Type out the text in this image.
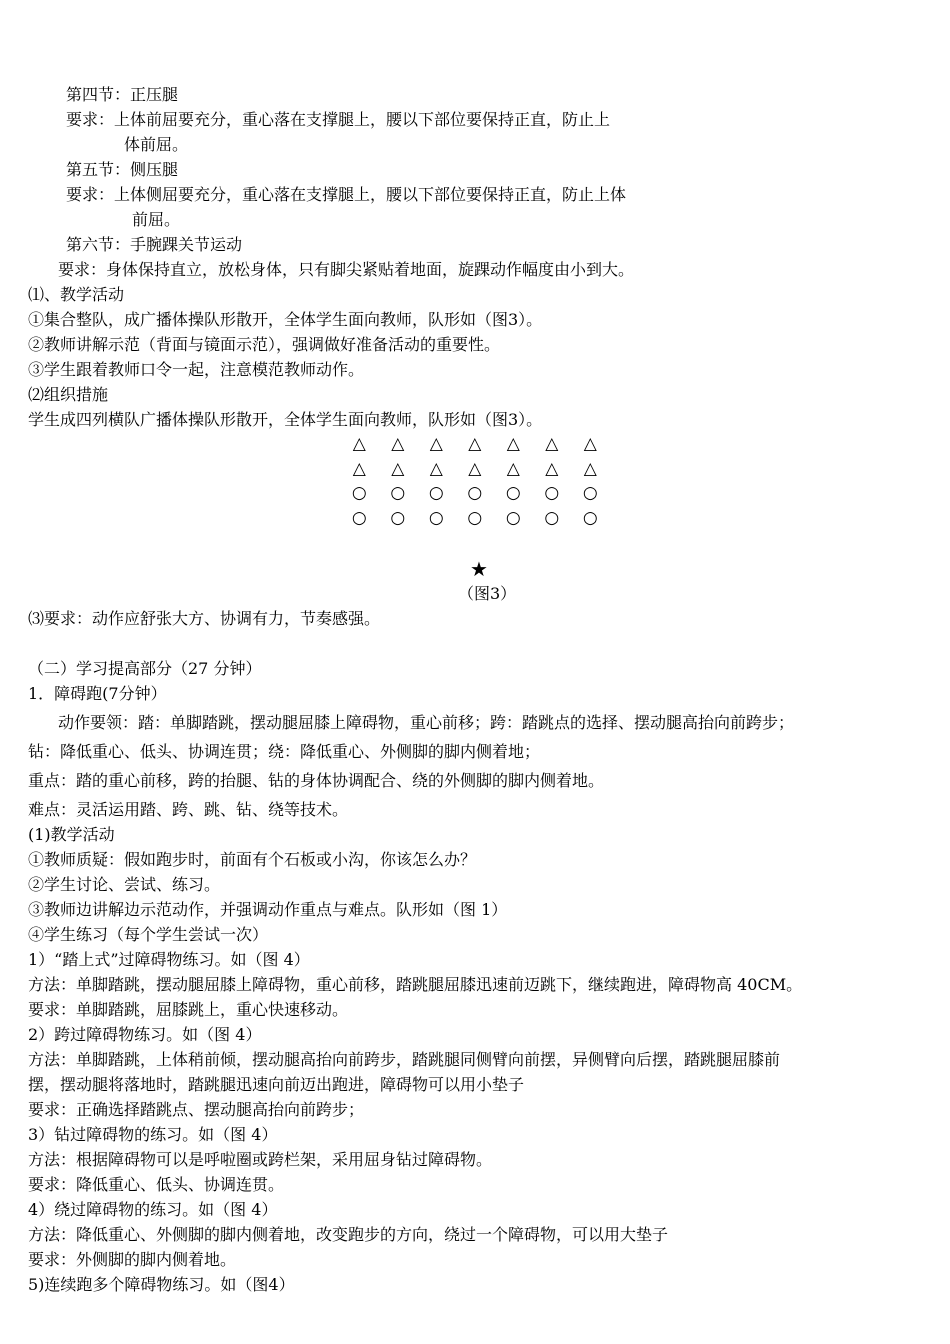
第四节：正压腿
要求：上体前屈要充分，重心落在支撑腿上，腰以下部位要保持正直，防止上
体前屈。
第五节：侧压腿
要求：上体侧屈要充分，重心落在支撑腿上，腰以下部位要保持正直，防止上体
前屈。
第六节：手腕踝关节运动
要求：身体保持直立，放松身体，只有脚尖紧贴着地面，旋踝动作幅度由小到大。
⑴、教学活动
①集合整队，成广播体操队形散开，全体学生面向教师，队形如（图3）。
②教师讲解示范（背面与镜面示范），强调做好准备活动的重要性。
③学生跟着教师口令一起，注意模范教师动作。
⑵组织措施
学生成四列横队广播体操队形散开，全体学生面向教师，队形如（图3）。
△	△	△	△	△	△	△
△	△	△	△	△	△	△
○	○	○	○	○	○	○
○	○	○	○	○	○	○
★
（图3）
⑶要求：动作应舒张大方、协调有力，节奏感强。
（二）学习提高部分（27 分钟）
1．障碍跑(7分钟）
动作要领：踏：单脚踏跳，摆动腿屈膝上障碍物，重心前移；跨：踏跳点的选择、摆动腿高抬向前跨步；
钻：降低重心、低头、协调连贯；绕：降低重心、外侧脚的脚内侧着地；
重点：踏的重心前移，跨的抬腿、钻的身体协调配合、绕的外侧脚的脚内侧着地。
难点：灵活运用踏、跨、跳、钻、绕等技术。
(1)教学活动
①教师质疑：假如跑步时，前面有个石板或小沟，你该怎么办？
②学生讨论、尝试、练习。
③教师边讲解边示范动作，并强调动作重点与难点。队形如（图 1）
④学生练习（每个学生尝试一次）
1）“踏上式”过障碍物练习。如（图 4）
方法：单脚踏跳，摆动腿屈膝上障碍物，重心前移，踏跳腿屈膝迅速前迈跳下，继续跑进，障碍物高 40CM。
要求：单脚踏跳，屈膝跳上，重心快速移动。
2）跨过障碍物练习。如（图 4）
方法：单脚踏跳，上体稍前倾，摆动腿高抬向前跨步，踏跳腿同侧臂向前摆，异侧臂向后摆，踏跳腿屈膝前
摆，摆动腿将落地时，踏跳腿迅速向前迈出跑进，障碍物可以用小垫子
要求：正确选择踏跳点、摆动腿高抬向前跨步；
3）钻过障碍物的练习。如（图 4）
方法：根据障碍物可以是呼啦圈或跨栏架，采用屈身钻过障碍物。
要求：降低重心、低头、协调连贯。
4）绕过障碍物的练习。如（图 4）
方法：降低重心、外侧脚的脚内侧着地，改变跑步的方向，绕过一个障碍物，可以用大垫子
要求：外侧脚的脚内侧着地。
5)连续跑多个障碍物练习。如（图4）
